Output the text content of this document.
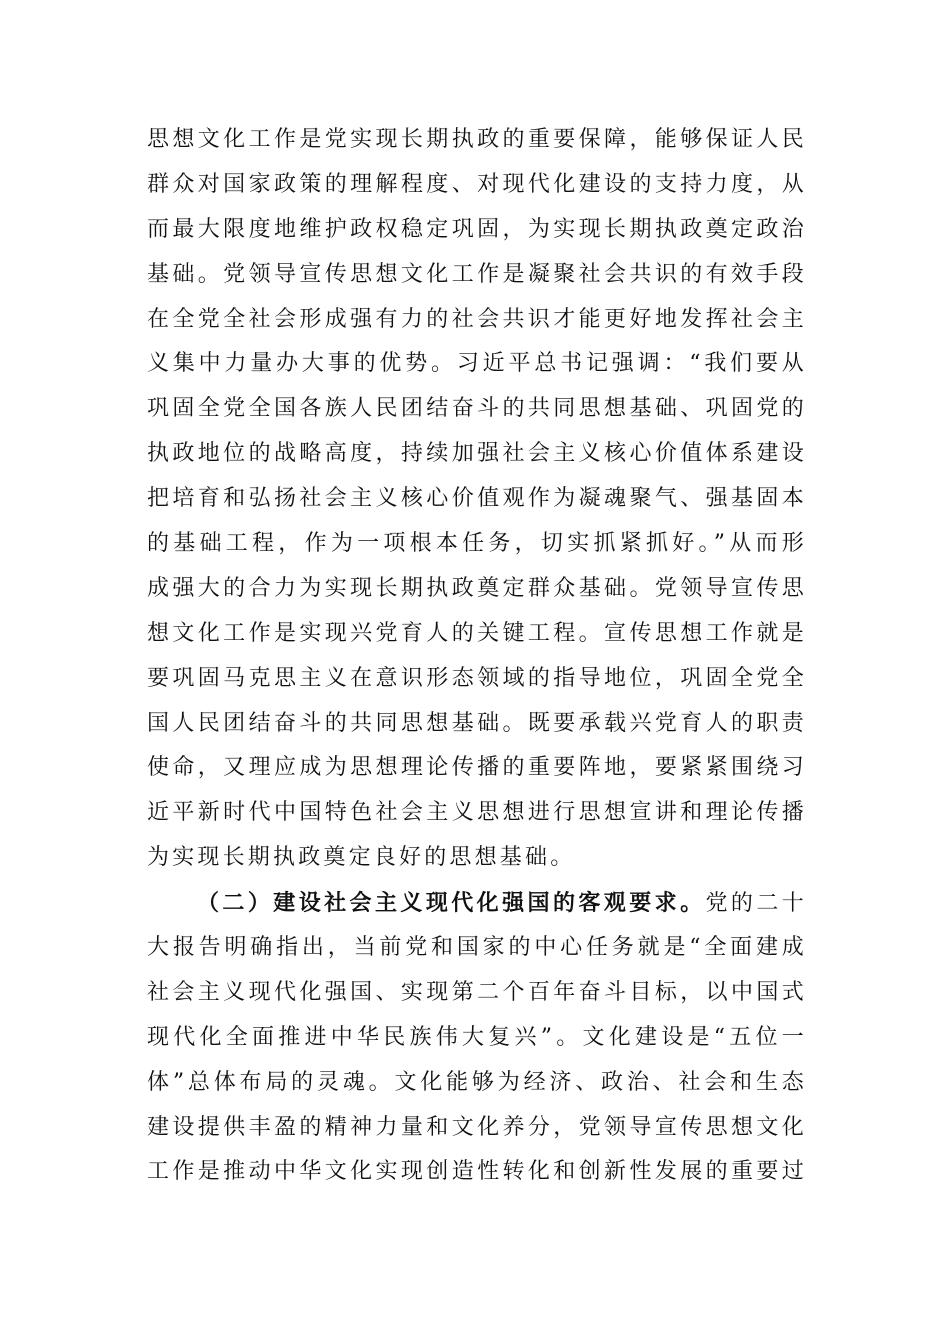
思想文化工作是党实现长期执政的重要保障，能够保证人民
群众对国家政策的理解程度、对现代化建设的支持力度，从
而最大限度地维护政权稳定巩固，为实现长期执政奠定政治
基础。党领导宣传思想文化工作是凝聚社会共识的有效手段
在全党全社会形成强有力的社会共识才能更好地发挥社会主
义集中力量办大事的优势。习近平总书记强调：“我们要从
巩固全党全国各族人民团结奋斗的共同思想基础、巩固党的
执政地位的战略高度，持续加强社会主义核心价值体系建设
把培育和弘扬社会主义核心价值观作为凝魂聚气、强基固本
的基础工程，作为一项根本任务，切实抓紧抓好。”从而形
成强大的合力为实现长期执政奠定群众基础。党领导宣传思
想文化工作是实现兴党育人的关键工程。宣传思想工作就是
要巩固马克思主义在意识形态领域的指导地位，巩固全党全
国人民团结奋斗的共同思想基础。既要承载兴党育人的职责
使命，又理应成为思想理论传播的重要阵地，要紧紧围绕习
近平新时代中国特色社会主义思想进行思想宣讲和理论传播
为实现长期执政奠定良好的思想基础。
（二）建设社会主义现代化强国的客观要求。党的二十
大报告明确指出，当前党和国家的中心任务就是“全面建成
社会主义现代化强国、实现第二个百年奋斗目标，以中国式
现代化全面推进中华民族伟大复兴”。文化建设是“五位一
体”总体布局的灵魂。文化能够为经济、政治、社会和生态
建设提供丰盈的精神力量和文化养分，党领导宣传思想文化
工作是推动中华文化实现创造性转化和创新性发展的重要过
